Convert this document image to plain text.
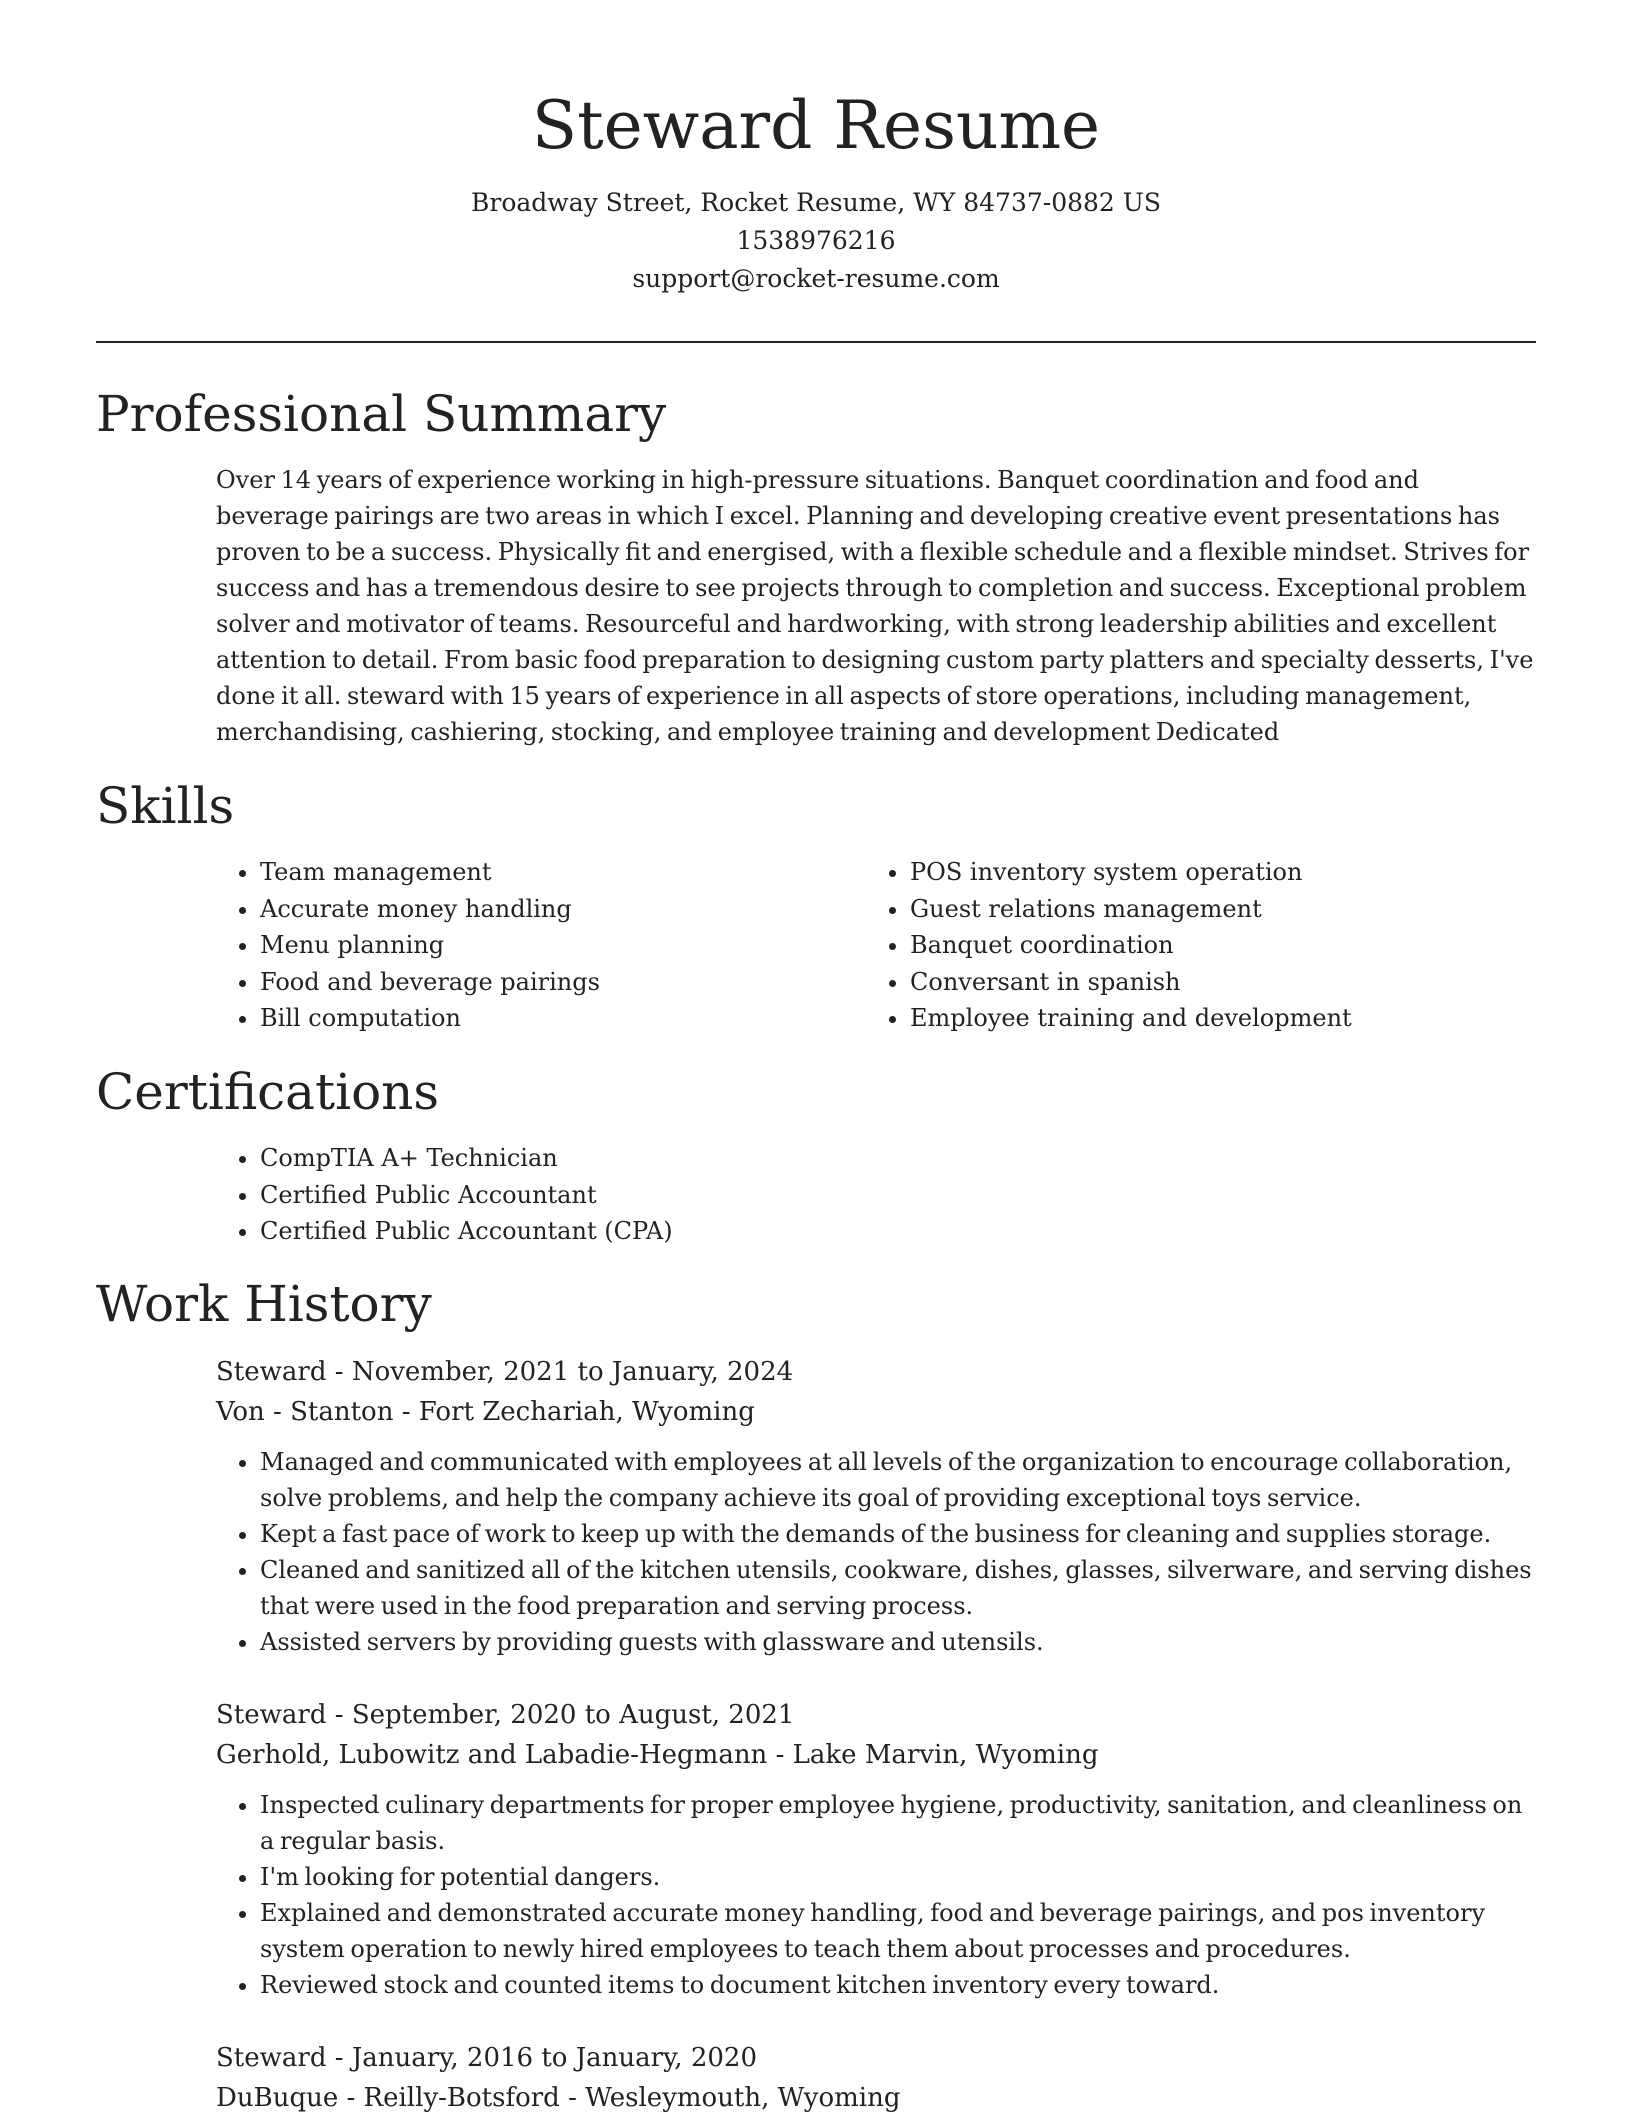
Steward Resume
Broadway Street, Rocket Resume, WY 84737-0882 US
1538976216
support@rocket-resume.com
Professional Summary

Over 14 years of experience working in high-pressure situations. Banquet coordination and food and beverage pairings are two areas in which I excel. Planning and developing creative event presentations has proven to be a success. Physically fit and energised, with a flexible schedule and a flexible mindset. Strives for success and has a tremendous desire to see projects through to completion and success. Exceptional problem solver and motivator of teams. Resourceful and hardworking, with strong leadership abilities and excellent attention to detail. From basic food preparation to designing custom party platters and specialty desserts, I've done it all. steward with 15 years of experience in all aspects of store operations, including management, merchandising, cashiering, stocking, and employee training and development Dedicated

Skills
• Team management
• Accurate money handling
• Menu planning
• Food and beverage pairings
• Bill computation
• POS inventory system operation
• Guest relations management
• Banquet coordination
• Conversant in spanish
• Employee training and development
Certifications
• CompTIA A+ Technician
• Certified Public Accountant
• Certified Public Accountant (CPA)
Work History
Steward - November, 2021 to January, 2024
Von - Stanton - Fort Zechariah, Wyoming
• Managed and communicated with employees at all levels of the organization to encourage collaboration, solve problems, and help the company achieve its goal of providing exceptional toys service.
• Kept a fast pace of work to keep up with the demands of the business for cleaning and supplies storage.
• Cleaned and sanitized all of the kitchen utensils, cookware, dishes, glasses, silverware, and serving dishes that were used in the food preparation and serving process.
• Assisted servers by providing guests with glassware and utensils.
Steward - September, 2020 to August, 2021
Gerhold, Lubowitz and Labadie-Hegmann - Lake Marvin, Wyoming
• Inspected culinary departments for proper employee hygiene, productivity, sanitation, and cleanliness on a regular basis.
• I'm looking for potential dangers.
• Explained and demonstrated accurate money handling, food and beverage pairings, and pos inventory system operation to newly hired employees to teach them about processes and procedures.
• Reviewed stock and counted items to document kitchen inventory every toward.
Steward - January, 2016 to January, 2020
DuBuque - Reilly-Botsford - Wesleymouth, Wyoming
